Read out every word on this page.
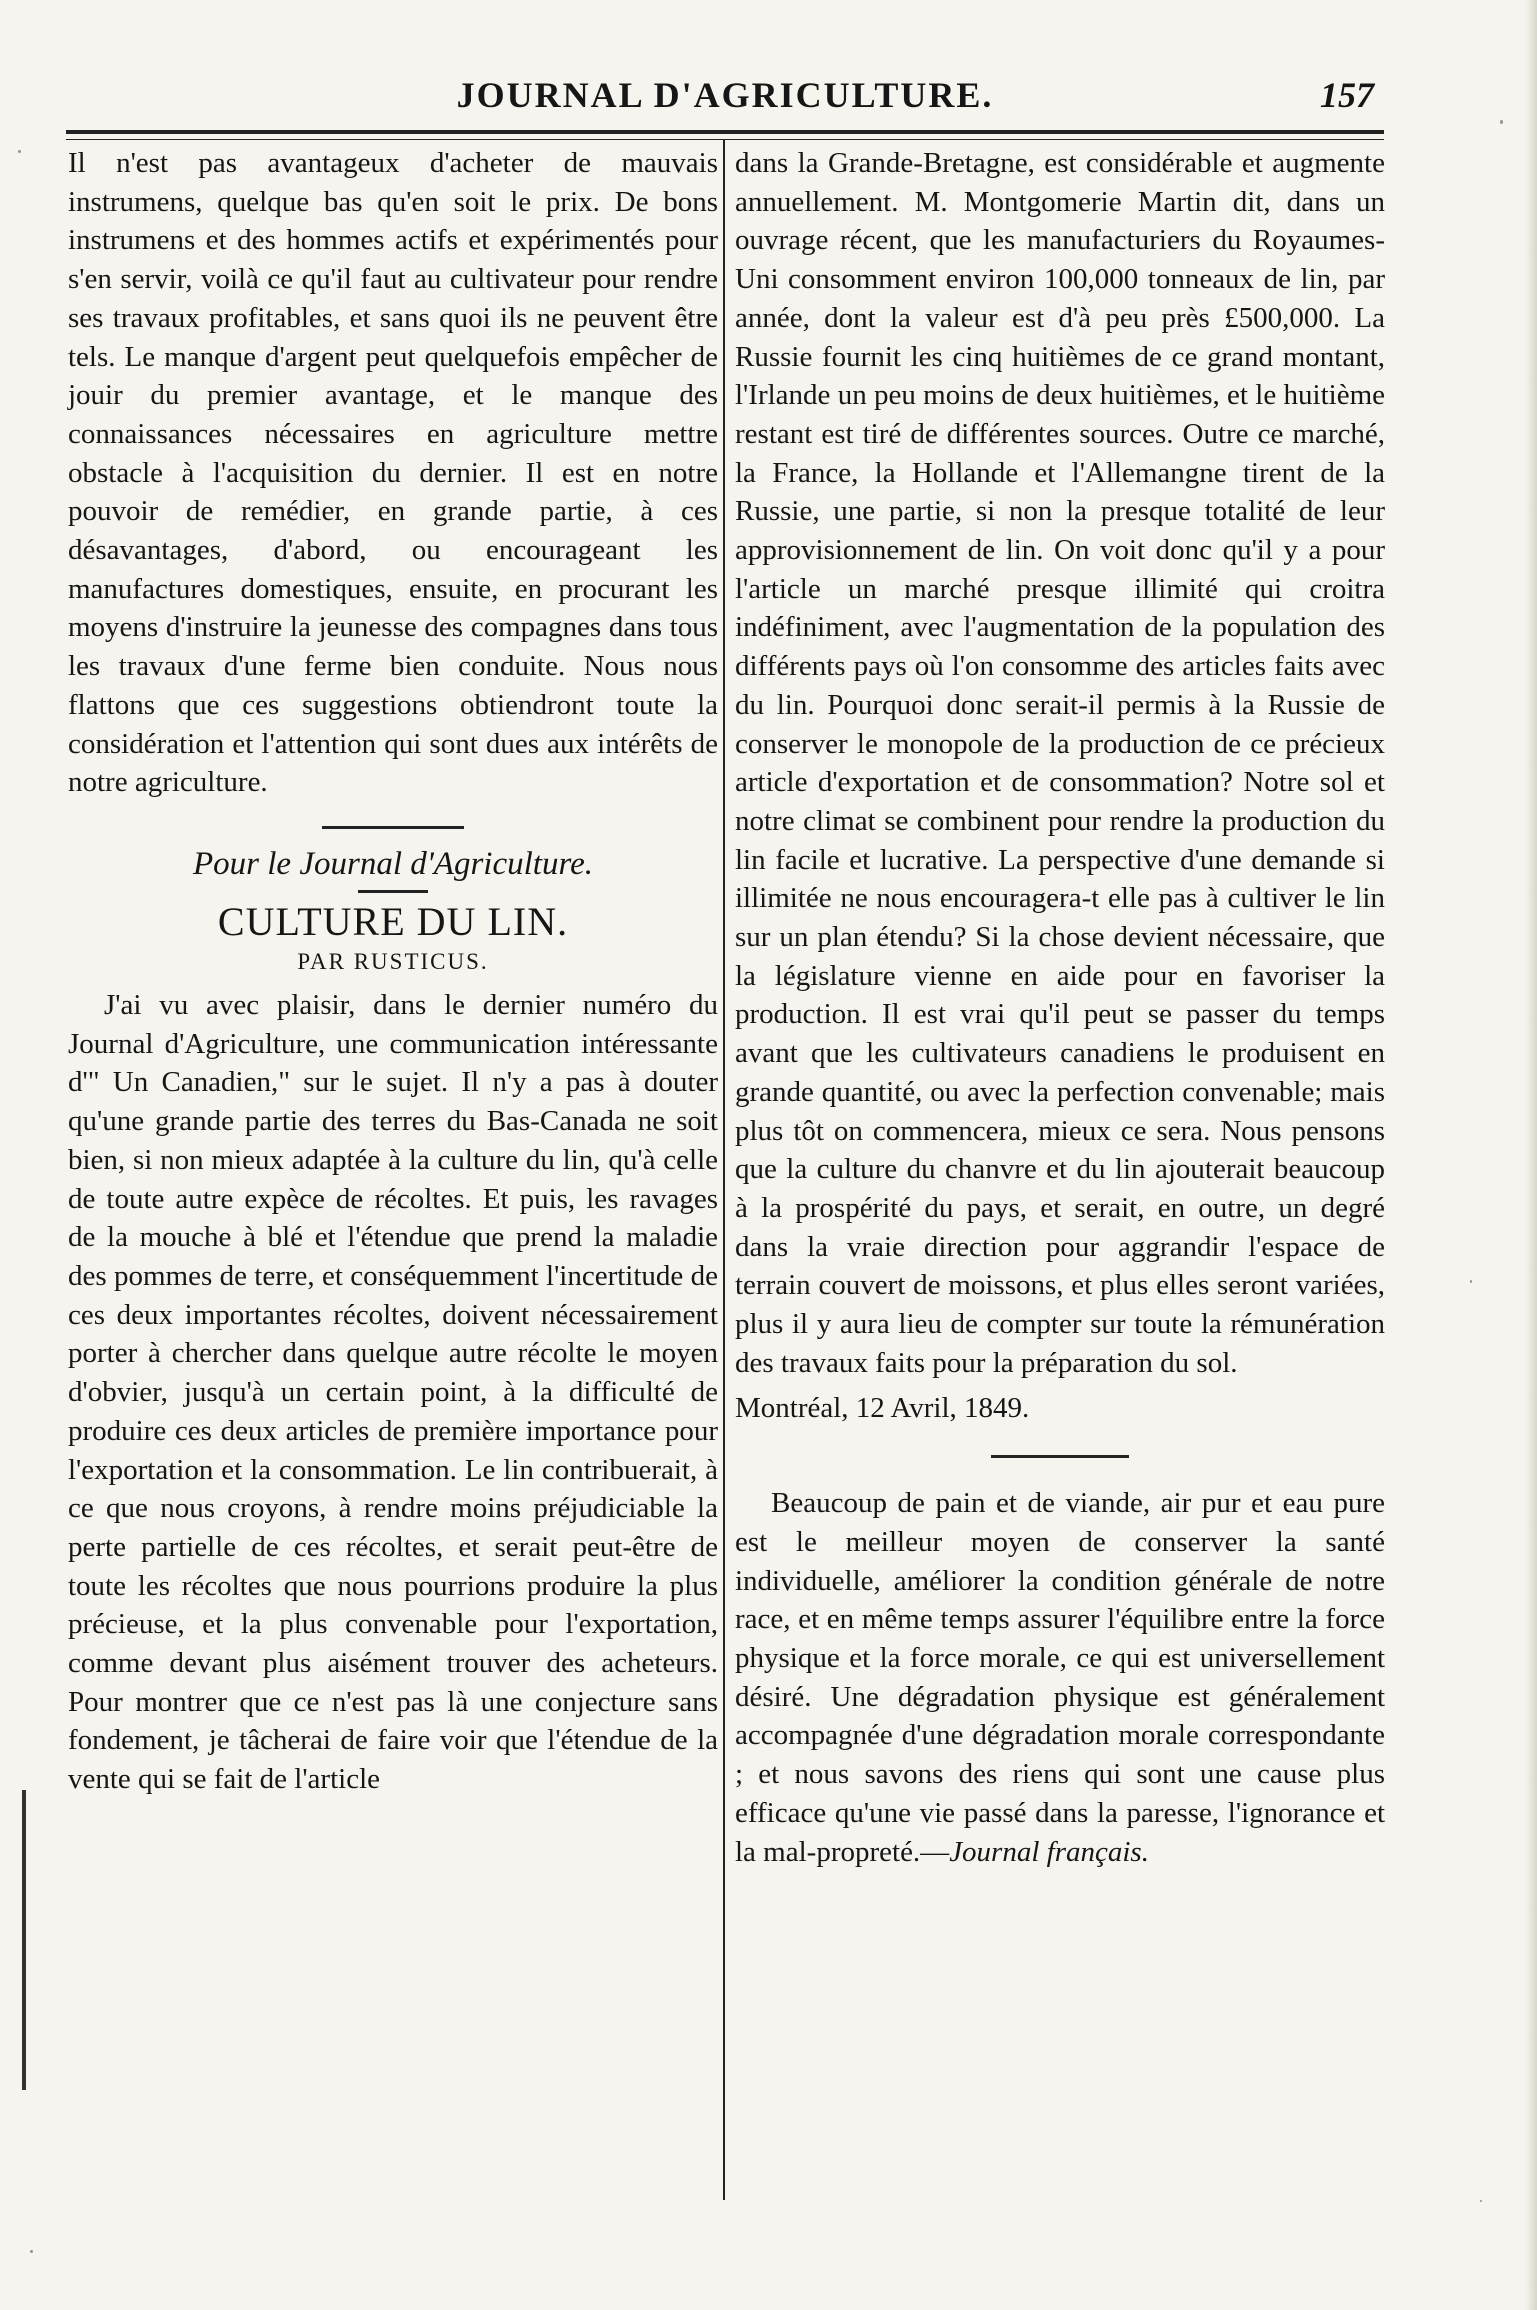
JOURNAL D'AGRICULTURE.	157

Il n'est pas avantageux d'acheter de mauvais instrumens, quelque bas qu'en soit le prix. De bons instrumens et des hommes actifs et expérimentés pour s'en servir, voilà ce qu'il faut au cultivateur pour rendre ses travaux profitables, et sans quoi ils ne peuvent être tels. Le manque d'argent peut quelquefois empêcher de jouir du premier avantage, et le manque des connaissances nécessaires en agriculture mettre obstacle à l'acquisition du dernier. Il est en notre pouvoir de remédier, en grande partie, à ces désavantages, d'abord, ou encourageant les manufactures domestiques, ensuite, en procurant les moyens d'instruire la jeunesse des compagnes dans tous les travaux d'une ferme bien conduite. Nous nous flattons que ces suggestions obtiendront toute la considération et l'attention qui sont dues aux intérêts de notre agriculture.

Pour le Journal d'Agriculture.
CULTURE DU LIN.
PAR RUSTICUS.

J'ai vu avec plaisir, dans le dernier numéro du Journal d'Agriculture, une communication intéressante d'" Un Canadien," sur le sujet. Il n'y a pas à douter qu'une grande partie des terres du Bas-Canada ne soit bien, si non mieux adaptée à la culture du lin, qu'à celle de toute autre expèce de récoltes. Et puis, les ravages de la mouche à blé et l'étendue que prend la maladie des pommes de terre, et conséquemment l'incertitude de ces deux importantes récoltes, doivent nécessairement porter à chercher dans quelque autre récolte le moyen d'obvier, jusqu'à un certain point, à la difficulté de produire ces deux articles de première importance pour l'exportation et la consommation. Le lin contribuerait, à ce que nous croyons, à rendre moins préjudiciable la perte partielle de ces récoltes, et serait peut-être de toute les récoltes que nous pourrions produire la plus précieuse, et la plus convenable pour l'exportation, comme devant plus aisément trouver des acheteurs. Pour montrer que ce n'est pas là une conjecture sans fondement, je tâcherai de faire voir que l'étendue de la vente qui se fait de l'article

dans la Grande-Bretagne, est considérable et augmente annuellement. M. Montgomerie Martin dit, dans un ouvrage récent, que les manufacturiers du Royaumes-Uni consomment environ 100,000 tonneaux de lin, par année, dont la valeur est d'à peu près £500,000. La Russie fournit les cinq huitièmes de ce grand montant, l'Irlande un peu moins de deux huitièmes, et le huitième restant est tiré de différentes sources. Outre ce marché, la France, la Hollande et l'Allemangne tirent de la Russie, une partie, si non la presque totalité de leur approvisionnement de lin. On voit donc qu'il y a pour l'article un marché presque illimité qui croitra indéfiniment, avec l'augmentation de la population des différents pays où l'on consomme des articles faits avec du lin. Pourquoi donc serait-il permis à la Russie de conserver le monopole de la production de ce précieux article d'exportation et de consommation? Notre sol et notre climat se combinent pour rendre la production du lin facile et lucrative. La perspective d'une demande si illimitée ne nous encouragera-t elle pas à cultiver le lin sur un plan étendu? Si la chose devient nécessaire, que la législature vienne en aide pour en favoriser la production. Il est vrai qu'il peut se passer du temps avant que les cultivateurs canadiens le produisent en grande quantité, ou avec la perfection convenable; mais plus tôt on commencera, mieux ce sera. Nous pensons que la culture du chanvre et du lin ajouterait beaucoup à la prospérité du pays, et serait, en outre, un degré dans la vraie direction pour aggrandir l'espace de terrain couvert de moissons, et plus elles seront variées, plus il y aura lieu de compter sur toute la rémunération des travaux faits pour la préparation du sol.

Montréal, 12 Avril, 1849.

Beaucoup de pain et de viande, air pur et eau pure est le meilleur moyen de conserver la santé individuelle, améliorer la condition générale de notre race, et en même temps assurer l'équilibre entre la force physique et la force morale, ce qui est universellement désiré. Une dégradation physique est généralement accompagnée d'une dégradation morale correspondante ; et nous savons des riens qui sont une cause plus efficace qu'une vie passé dans la paresse, l'ignorance et la mal-propreté.—Journal français.
